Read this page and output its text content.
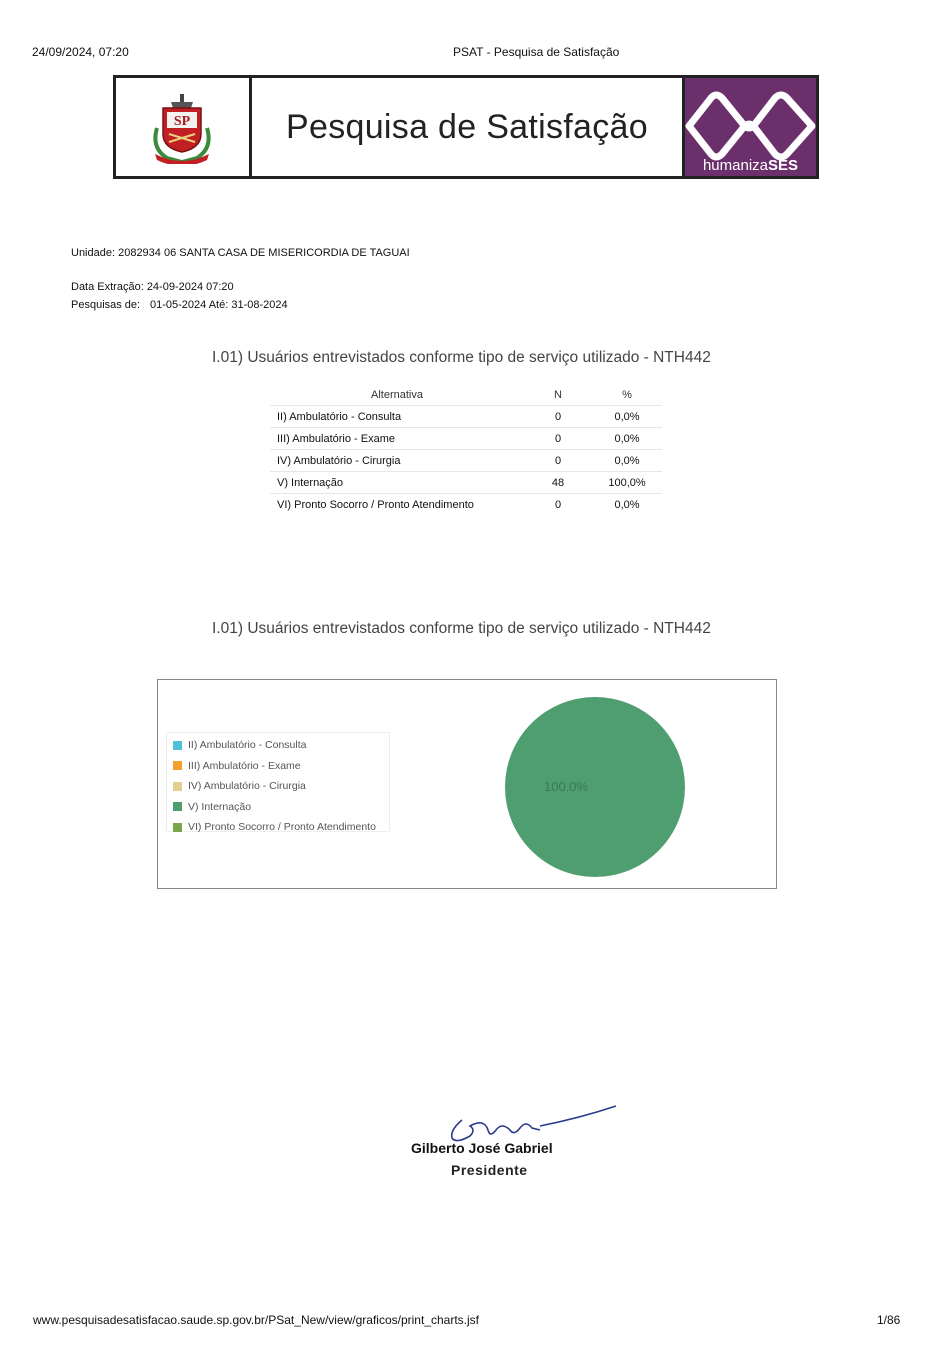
24/09/2024, 07:20	PSAT - Pesquisa de Satisfação
SP	Pesquisa de Satisfação
humanizaSES
Unidade: 2082934 06 SANTA CASA DE MISERICORDIA DE TAGUAI
Data Extração: 24-09-2024 07:20
Pesquisas de: 01-05-2024 Até: 31-08-2024
I.01) Usuários entrevistados conforme tipo de serviço utilizado - NTH442
Alternativa	N	%
II) Ambulatório - Consulta	0	0,0%
III) Ambulatório - Exame	0	0,0%
IV) Ambulatório - Cirurgia	0	0,0%
V) Internação	48	100,0%
VI) Pronto Socorro / Pronto Atendimento	0	0,0%
I.01) Usuários entrevistados conforme tipo de serviço utilizado - NTH442
II) Ambulatório - Consulta
III) Ambulatório - Exame
IV) Ambulatório - Cirurgia
V) Internação
VI) Pronto Socorro / Pronto Atendimento
100.0%
Gilberto José Gabriel
Presidente
www.pesquisadesatisfacao.saude.sp.gov.br/PSat_New/view/graficos/print_charts.jsf	1/86
